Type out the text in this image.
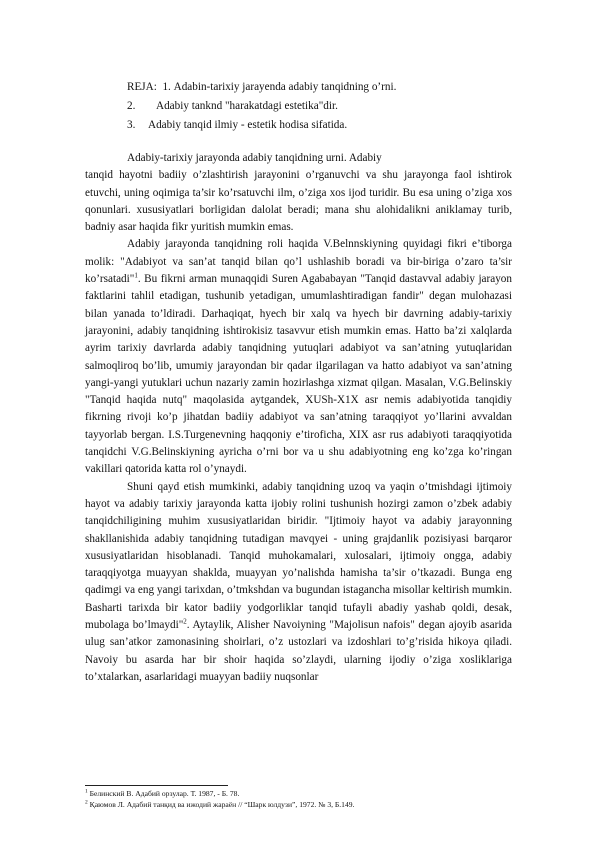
REJA: 1. Adabin-tarixiy jarayenda adabiy tanqidning o’rni.
2. Adabiy tanknd "harakatdagi estetika"dir.
3. Adabiy tanqid ilmiy - estetik hodisa sifatida.

Adabiy-tarixiy jarayonda adabiy tanqidning urni. Adabiy

tanqid hayotni badiiy o’zlashtirish jarayonini o’rganuvchi va shu jarayonga faol ishtirok etuvchi, uning oqimiga ta’sir ko’rsatuvchi ilm, o’ziga xos ijod turidir. Bu esa uning o’ziga xos qonunlari. xususiyatlari borligidan dalolat beradi; mana shu alohidalikni aniklamay turib, badniy asar haqida fikr yuritish mumkin emas.

Adabiy jarayonda tanqidning roli haqida V.Belnnskiyning quyidagi fikri e’tiborga molik: "Adabiyot va san’at tanqid bilan qo’l ushlashib boradi va bir-biriga o’zaro ta’sir ko’rsatadi"$^1$. Bu fikrni arman munaqqidi Suren Agababayan "Tanqid dastavval adabiy jarayon faktlarini tahlil etadigan, tushunib yetadigan, umumlashtiradigan fandir" degan mulohazasi bilan yanada to’ldiradi. Darhaqiqat, hyech bir xalq va hyech bir davrning adabiy-tarixiy jarayonini, adabiy tanqidning ishtirokisiz tasavvur etish mumkin emas. Hatto ba’zi xalqlarda ayrim tarixiy davrlarda adabiy tanqidning yutuqlari adabiyot va san’atning yutuqlaridan salmoqliroq bo’lib, umumiy jarayondan bir qadar ilgarilagan va hatto adabiyot va san’atning yangi-yangi yutuklari uchun nazariy zamin hozirlashga xizmat qilgan. Masalan, V.G.Belinskiy "Tanqid haqida nutq" maqolasida aytgandek, XUSh-X1X asr nemis adabiyotida tanqidiy fikrning rivoji ko’p jihatdan badiiy adabiyot va san’atning taraqqiyot yo’llarini avvaldan tayyorlab bergan. I.S.Turgenevning haqqoniy e’tirofiсha, XIX asr rus adabiyoti taraqqiyotida tanqidchi V.G.Belinskiyning ayricha o’rni bor va u shu adabiyotning eng ko’zga ko’ringan vakillari qatorida katta rol o’ynaydi.

Shuni qayd etish mumkinki, adabiy tanqidning uzoq va yaqin o’tmishdagi ijtimoiy hayot va adabiy tarixiy jarayonda katta ijobiy rolini tushunish hozirgi zamon o’zbek adabiy tanqidchiligining muhim xususiyatlaridan biridir. "Ijtimoiy hayot va adabiy jarayonning shakllanishida adabiy tanqidning tutadigan mavqyei - uning grajdanlik pozisiyasi barqaror xususiyatlaridan hisoblanadi. Tanqid muhokamalari, xulosalari, ijtimoiy ongga, adabiy taraqqiyotga muayyan shaklda, muayyan yo’nalishda hamisha ta’sir o’tkazadi. Bunga eng qadimgi va eng yangi tarixdan, o’tmkshdan va bugundan istagancha misollar keltirish mumkin. Basharti tarixda bir kator badiiy yodgorliklar tanqid tufayli abadiy yashab qoldi, desak, mubolaga bo’lmaydi"$^2$. Aytaylik, Alisher Navoiyning "Majolisun nafois" degan ajoyib asarida ulug san’atkor zamonasining shoirlari, o’z ustozlari va izdoshlari to’g’risida hikoya qiladi. Navoiy bu asarda har bir shoir haqida so’zlaydi, ularning ijodiy o’ziga xosliklariga to’xtalarkan, asarlaridagi muayyan badiiy nuqsonlar

$^1$ Белинский В. Адабий орзулар. Т. 1987, - Б. 78.
$^2$ Қаюмов Л. Адабий танқид ва ижодий жараён // “Шарк юлдузи”, 1972. № 3, Б.149.
